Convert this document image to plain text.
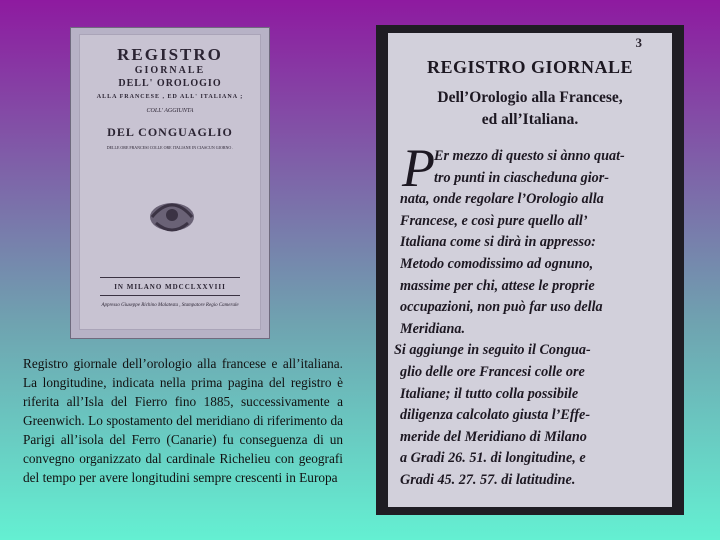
REGISTRO
GIORNALE
DELL' OROLOGIO
ALLA FRANCESE , ED ALL' ITALIANA ;
COLL' AGGIUNTA
DEL CONGUAGLIO
DELLE ORE FRANCESI COLLE ORE ITALIANE IN CIASCUN GIORNO .
IN MILANO MDCCLXXVIII
Appresso Giuseppe Richino Malatesta , Stampatore Regio Camerale
Registro giornale dell’orologio alla francese e all’italiana. La longitudine, indicata nella prima pagina del registro è riferita all’Isla del Fierro fino 1885, successivamente a Greenwich. Lo spostamento del meridiano di riferimento da Parigi all’isola del Ferro (Canarie) fu conseguenza di un convegno organizzato dal cardinale Richelieu con geografi del tempo per avere longitudini sempre crescenti in Europa
3
REGISTRO GIORNALE
Dell’Orologio alla Francese,
ed all’Italiana.
P Er mezzo di questo si ànno quat-
tro punti in ciascheduna gior-
nata, onde regolare l’Orologio alla
Francese, e così pure quello all’
Italiana come si dirà in appresso:
Metodo comodissimo ad ognuno,
massime per chi, attese le proprie
occupazioni, non può far uso della
Meridiana.
Si aggiunge in seguito il Congua-
glio delle ore Francesi colle ore
Italiane; il tutto colla possibile
diligenza calcolato giusta l’Effe-
meride del Meridiano di Milano
a Gradi 26. 51. di longitudine, e
Gradi 45. 27. 57. di latitudine.
